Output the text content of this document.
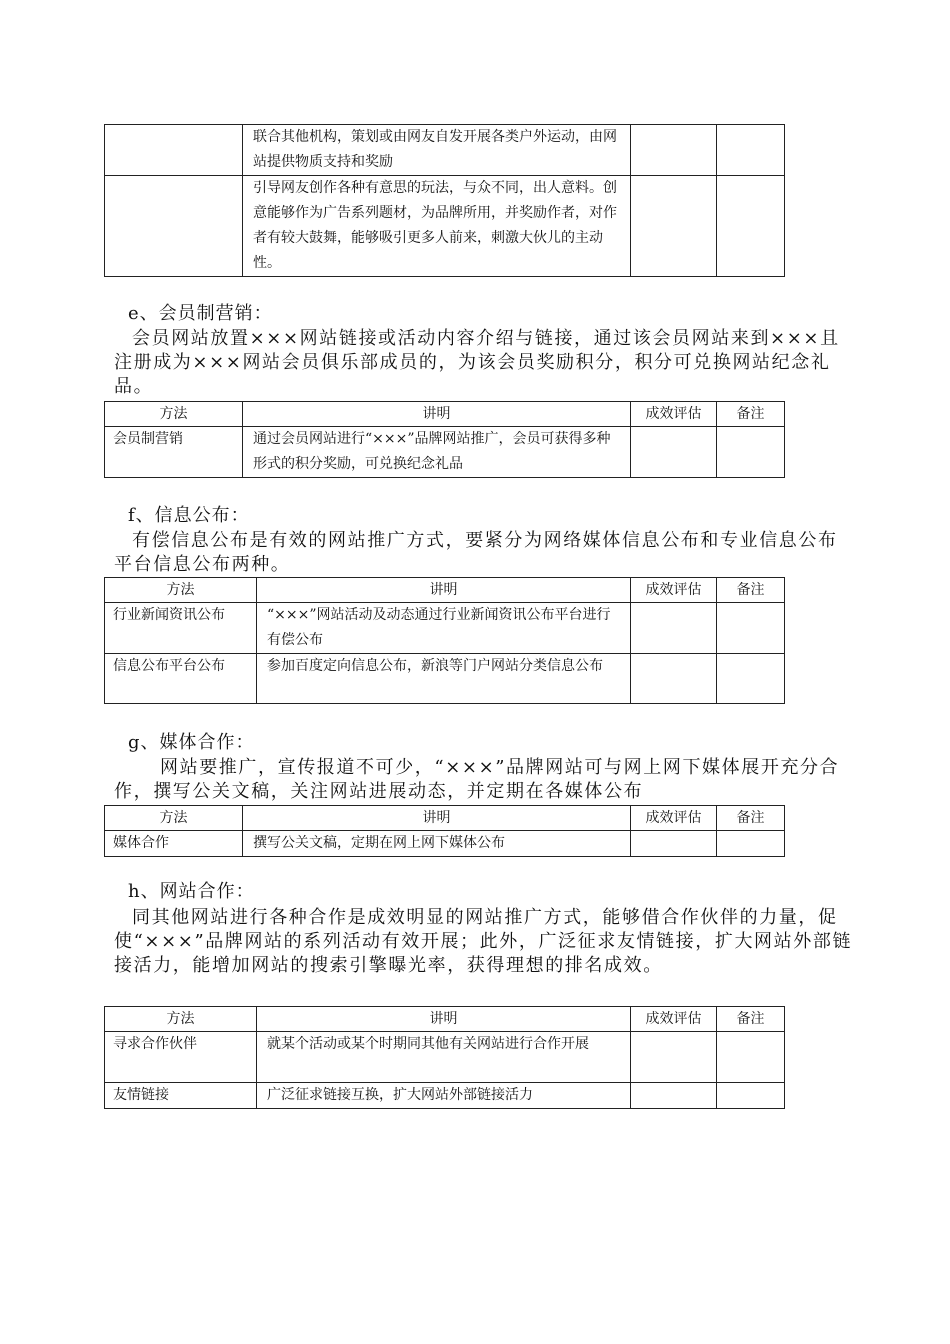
	联合其他机构，策划或由网友自发开展各类户外运动，由网站提供物质支持和奖励		
	引导网友创作各种有意思的玩法，与众不同，出人意料。创意能够作为广告系列题材，为品牌所用，并奖励作者，对作者有较大鼓舞，能够吸引更多人前来，刺激大伙儿的主动性。		
e、会员制营销：
会员网站放置×××网站链接或活动内容介绍与链接，通过该会员网站来到×××且注册成为×××网站会员俱乐部成员的，为该会员奖励积分，积分可兑换网站纪念礼品。
方法	讲明	成效评估	备注
会员制营销	通过会员网站进行“×××”品牌网站推广，会员可获得多种形式的积分奖励，可兑换纪念礼品		
f、信息公布：
有偿信息公布是有效的网站推广方式，要紧分为网络媒体信息公布和专业信息公布平台信息公布两种。
方法	讲明	成效评估	备注
行业新闻资讯公布	“×××”网站活动及动态通过行业新闻资讯公布平台进行有偿公布		
信息公布平台公布	参加百度定向信息公布，新浪等门户网站分类信息公布		
g、媒体合作：
网站要推广，宣传报道不可少，“×××”品牌网站可与网上网下媒体展开充分合作，撰写公关文稿，关注网站进展动态，并定期在各媒体公布
方法	讲明	成效评估	备注
媒体合作	撰写公关文稿，定期在网上网下媒体公布		
h、网站合作：
同其他网站进行各种合作是成效明显的网站推广方式，能够借合作伙伴的力量，促使“×××”品牌网站的系列活动有效开展；此外，广泛征求友情链接，扩大网站外部链接活力，能增加网站的搜索引擎曝光率，获得理想的排名成效。
方法	讲明	成效评估	备注
寻求合作伙伴	就某个活动或某个时期同其他有关网站进行合作开展		
友情链接	广泛征求链接互换，扩大网站外部链接活力		
